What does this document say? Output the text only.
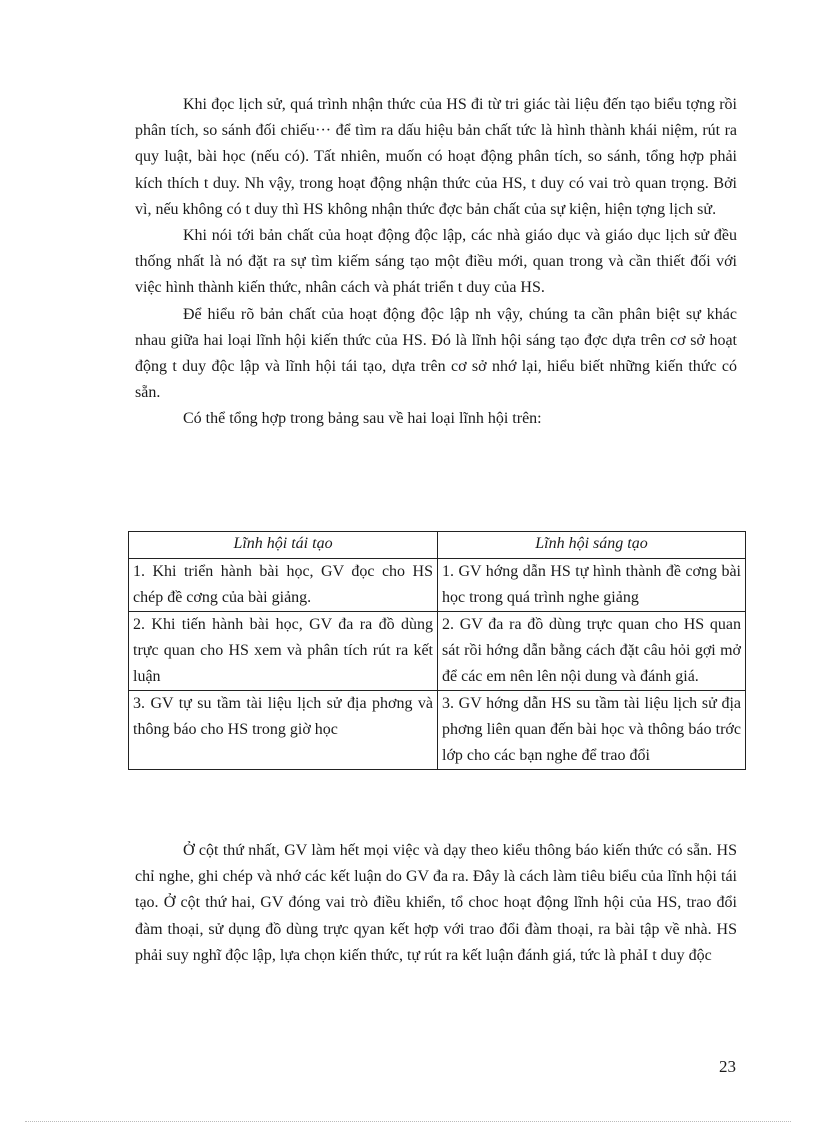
Khi đọc lịch sử, quá trình nhận thức của HS đi từ tri giác tài liệu đến tạo biểu tợng rồi phân tích, so sánh đối chiếu··· để tìm ra dấu hiệu bản chất tức là hình thành khái niệm, rút ra quy luật, bài học (nếu có). Tất nhiên, muốn có hoạt động phân tích, so sánh, tổng hợp phải kích thích t duy. Nh vậy, trong hoạt động nhận thức của HS, t duy có vai trò quan trọng. Bởi vì, nếu không có t duy thì HS không nhận thức đợc bản chất của sự kiện, hiện tợng lịch sử.

Khi nói tới bản chất của hoạt động độc lập, các nhà giáo dục và giáo dục lịch sử đều thống nhất là nó đặt ra sự tìm kiếm sáng tạo một điều mới, quan trong và cần thiết đối với việc hình thành kiến thức, nhân cách và phát triển t duy của HS.

Để hiểu rõ bản chất của hoạt động độc lập nh vậy, chúng ta cần phân biệt sự khác nhau giữa hai loại lĩnh hội kiến thức của HS. Đó là lĩnh hội sáng tạo đợc dựa trên cơ sở hoạt động t duy độc lập và lĩnh hội tái tạo, dựa trên cơ sở nhớ lại, hiểu biết những kiến thức có sẵn.

Có thể tổng hợp trong bảng sau về hai loại lĩnh hội trên:

Lĩnh hội tái tạo	Lĩnh hội sáng tạo
1. Khi triển hành bài học, GV đọc cho HS chép đề cơng của bài giảng.	1. GV hớng dẫn HS tự hình thành đề cơng bài học trong quá trình nghe giảng
2. Khi tiến hành bài học, GV đa ra đồ dùng trực quan cho HS xem và phân tích rút ra kết luận	2. GV đa ra đồ dùng trực quan cho HS quan sát rồi hớng dẫn bằng cách đặt câu hỏi gợi mở để các em nên lên nội dung và đánh giá.
3. GV tự su tầm tài liệu lịch sử địa phơng và thông báo cho HS trong giờ học	3. GV hớng dẫn HS su tầm tài liệu lịch sử địa phơng liên quan đến bài học và thông báo trớc lớp cho các bạn nghe để trao đổi

Ở cột thứ nhất, GV làm hết mọi việc và dạy theo kiểu thông báo kiến thức có sẵn. HS chỉ nghe, ghi chép và nhớ các kết luận do GV đa ra. Đây là cách làm tiêu biểu của lĩnh hội tái tạo. Ở cột thứ hai, GV đóng vai trò điều khiển, tổ choc hoạt động lĩnh hội của HS, trao đổi đàm thoại, sử dụng đồ dùng trực qyan kết hợp với trao đổi đàm thoại, ra bài tập về nhà. HS phải suy nghĩ độc lập, lựa chọn kiến thức, tự rút ra kết luận đánh giá, tức là phảI t duy độc

23
